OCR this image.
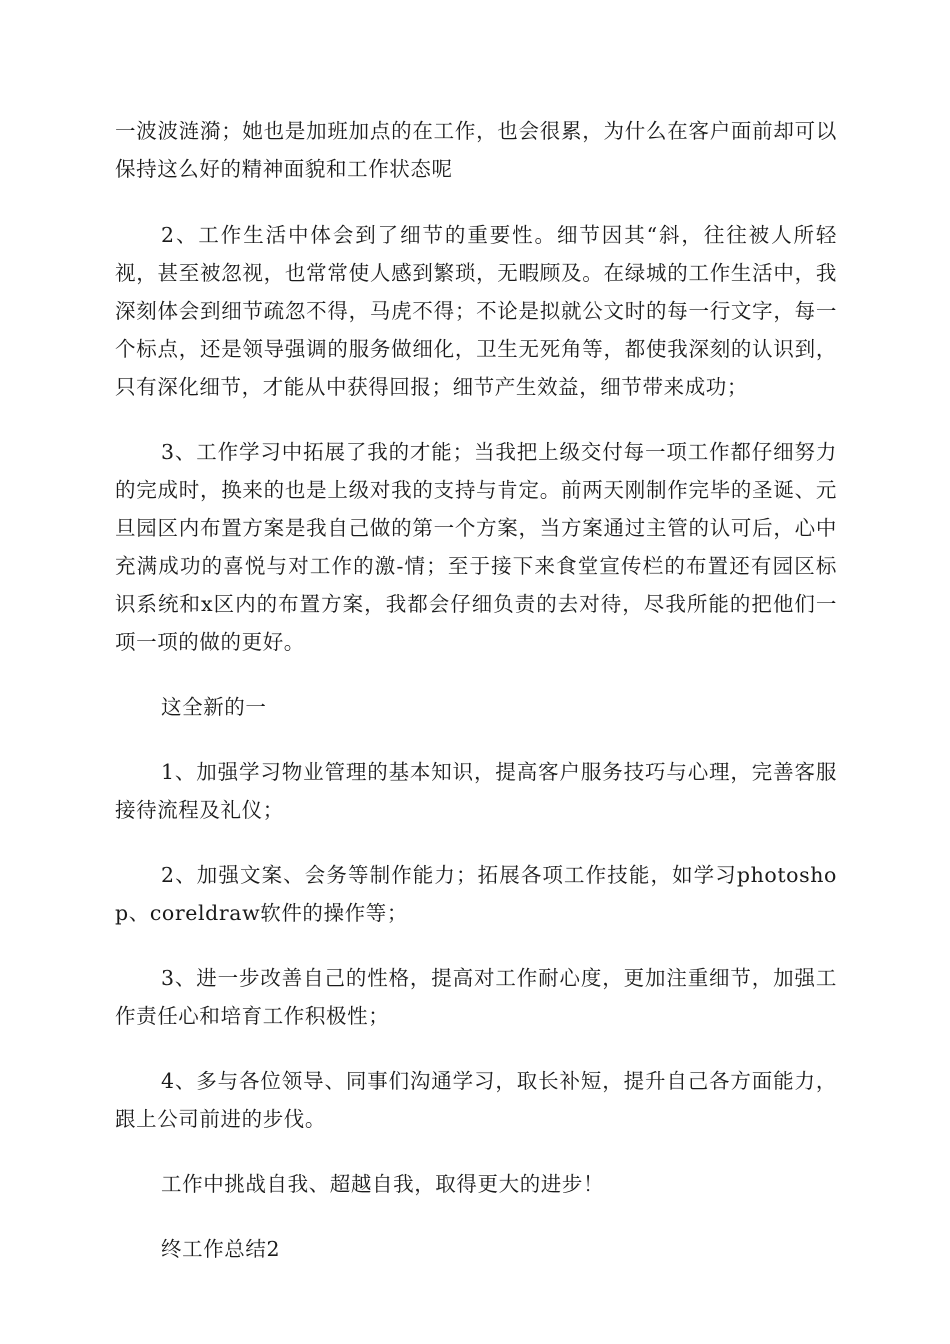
一波波涟漪；她也是加班加点的在工作，也会很累，为什么在客户面前却可以保持这么好的精神面貌和工作状态呢

2、工作生活中体会到了细节的重要性。细节因其“斜，往往被人所轻视，甚至被忽视，也常常使人感到繁琐，无暇顾及。在绿城的工作生活中，我深刻体会到细节疏忽不得，马虎不得；不论是拟就公文时的每一行文字，每一个标点，还是领导强调的服务做细化，卫生无死角等，都使我深刻的认识到，只有深化细节，才能从中获得回报；细节产生效益，细节带来成功；

3、工作学习中拓展了我的才能；当我把上级交付每一项工作都仔细努力的完成时，换来的也是上级对我的支持与肯定。前两天刚制作完毕的圣诞、元旦园区内布置方案是我自己做的第一个方案，当方案通过主管的认可后，心中充满成功的喜悦与对工作的激-情；至于接下来食堂宣传栏的布置还有园区标识系统和x区内的布置方案，我都会仔细负责的去对待，尽我所能的把他们一项一项的做的更好。

这全新的一

1、加强学习物业管理的基本知识，提高客户服务技巧与心理，完善客服接待流程及礼仪；

2、加强文案、会务等制作能力；拓展各项工作技能，如学习photoshop、coreldraw软件的操作等；

3、进一步改善自己的性格，提高对工作耐心度，更加注重细节，加强工作责任心和培育工作积极性；

4、多与各位领导、同事们沟通学习，取长补短，提升自己各方面能力，跟上公司前进的步伐。

工作中挑战自我、超越自我，取得更大的进步！

终工作总结2
